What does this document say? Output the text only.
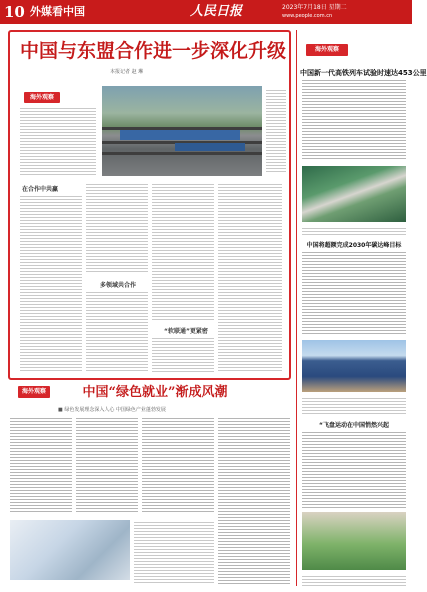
10 外媒看中国	人民日报	2023年7月18日 星期二
www.people.com.cn
中国与东盟合作进一步深化升级
本报记者 赵 琳
海外观察
在合作中共赢
多领域共合作
“软联通”更紧密
海外观察
中国新一代高铁列车试验时速达453公里
中国将超额完成2030年碳达峰目标
“飞盘运动在中国悄然兴起
海外观察	中国“绿色就业”渐成风潮
■ 绿色发展理念深入人心 中国绿色产业蓬勃发展
